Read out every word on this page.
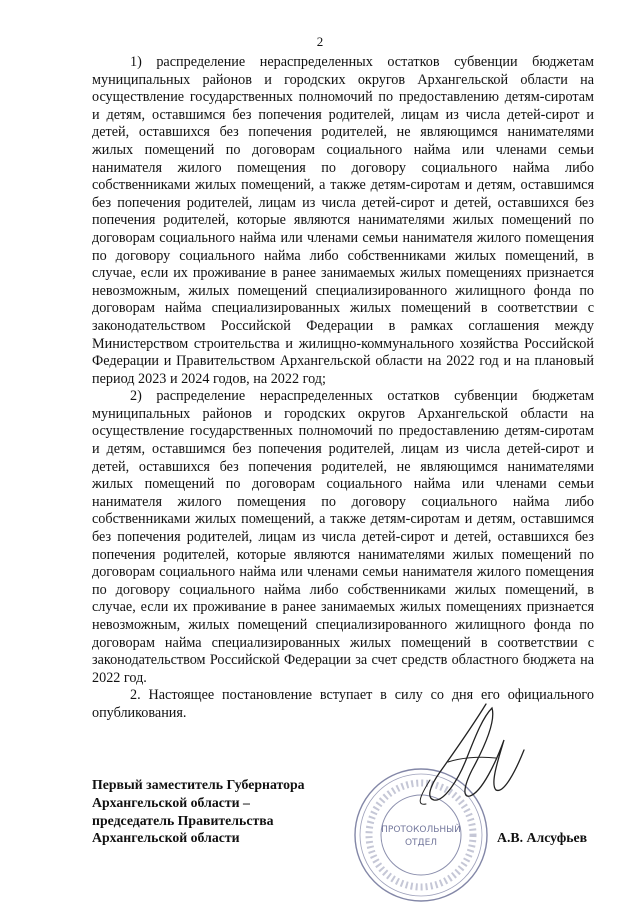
2

1) распределение нераспределенных остатков субвенции бюджетам муниципальных районов и городских округов Архангельской области на осуществление государственных полномочий по предоставлению детям-сиротам и детям, оставшимся без попечения родителей, лицам из числа детей-сирот и детей, оставшихся без попечения родителей, не являющимся нанимателями жилых помещений по договорам социального найма или членами семьи нанимателя жилого помещения по договору социального найма либо собственниками жилых помещений, а также детям-сиротам и детям, оставшимся без попечения родителей, лицам из числа детей-сирот и детей, оставшихся без попечения родителей, которые являются нанимателями жилых помещений по договорам социального найма или членами семьи нанимателя жилого помещения по договору социального найма либо собственниками жилых помещений, в случае, если их проживание в ранее занимаемых жилых помещениях признается невозможным, жилых помещений специализированного жилищного фонда по договорам найма специализированных жилых помещений в соответствии с законодательством Российской Федерации в рамках соглашения между Министерством строительства и жилищно-коммунального хозяйства Российской Федерации и Правительством Архангельской области на 2022 год и на плановый период 2023 и 2024 годов, на 2022 год;

2) распределение нераспределенных остатков субвенции бюджетам муниципальных районов и городских округов Архангельской области на осуществление государственных полномочий по предоставлению детям-сиротам и детям, оставшимся без попечения родителей, лицам из числа детей-сирот и детей, оставшихся без попечения родителей, не являющимся нанимателями жилых помещений по договорам социального найма или членами семьи нанимателя жилого помещения по договору социального найма либо собственниками жилых помещений, а также детям-сиротам и детям, оставшимся без попечения родителей, лицам из числа детей-сирот и детей, оставшихся без попечения родителей, которые являются нанимателями жилых помещений по договорам социального найма или членами семьи нанимателя жилого помещения по договору социального найма либо собственниками жилых помещений, в случае, если их проживание в ранее занимаемых жилых помещениях признается невозможным, жилых помещений специализированного жилищного фонда по договорам найма специализированных жилых помещений в соответствии с законодательством Российской Федерации за счет средств областного бюджета на 2022 год.

2. Настоящее постановление вступает в силу со дня его официального опубликования.

Первый заместитель Губернатора
Архангельской области –
председатель Правительства
Архангельской области	А.В. Алсуфьев
ПРОТОКОЛЬНЫЙ
ОТДЕЛ
